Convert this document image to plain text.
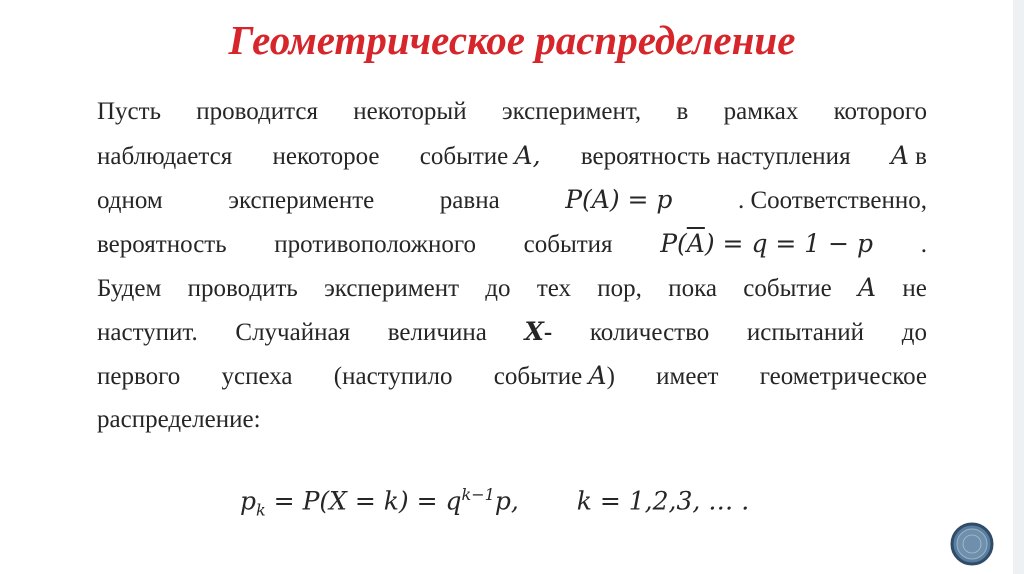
Геометрическое распределение
Пусть проводится некоторый эксперимент, в рамках которого
наблюдается некоторое событие A, вероятность наступления A в
одном	эксперименте	равна	P(A) = p	. Соответственно,
вероятность противоположного события $P(\overline{A}) = q = 1 - p$ .
Будем проводить эксперимент до тех пор, пока событие A не
наступит. Случайная величина X- количество испытаний до
первого успеха (наступило событие A) имеет геометрическое
распределение:
$p_k = P(X = k) = q^{k-1}p$, k = 1,2,3, … .
